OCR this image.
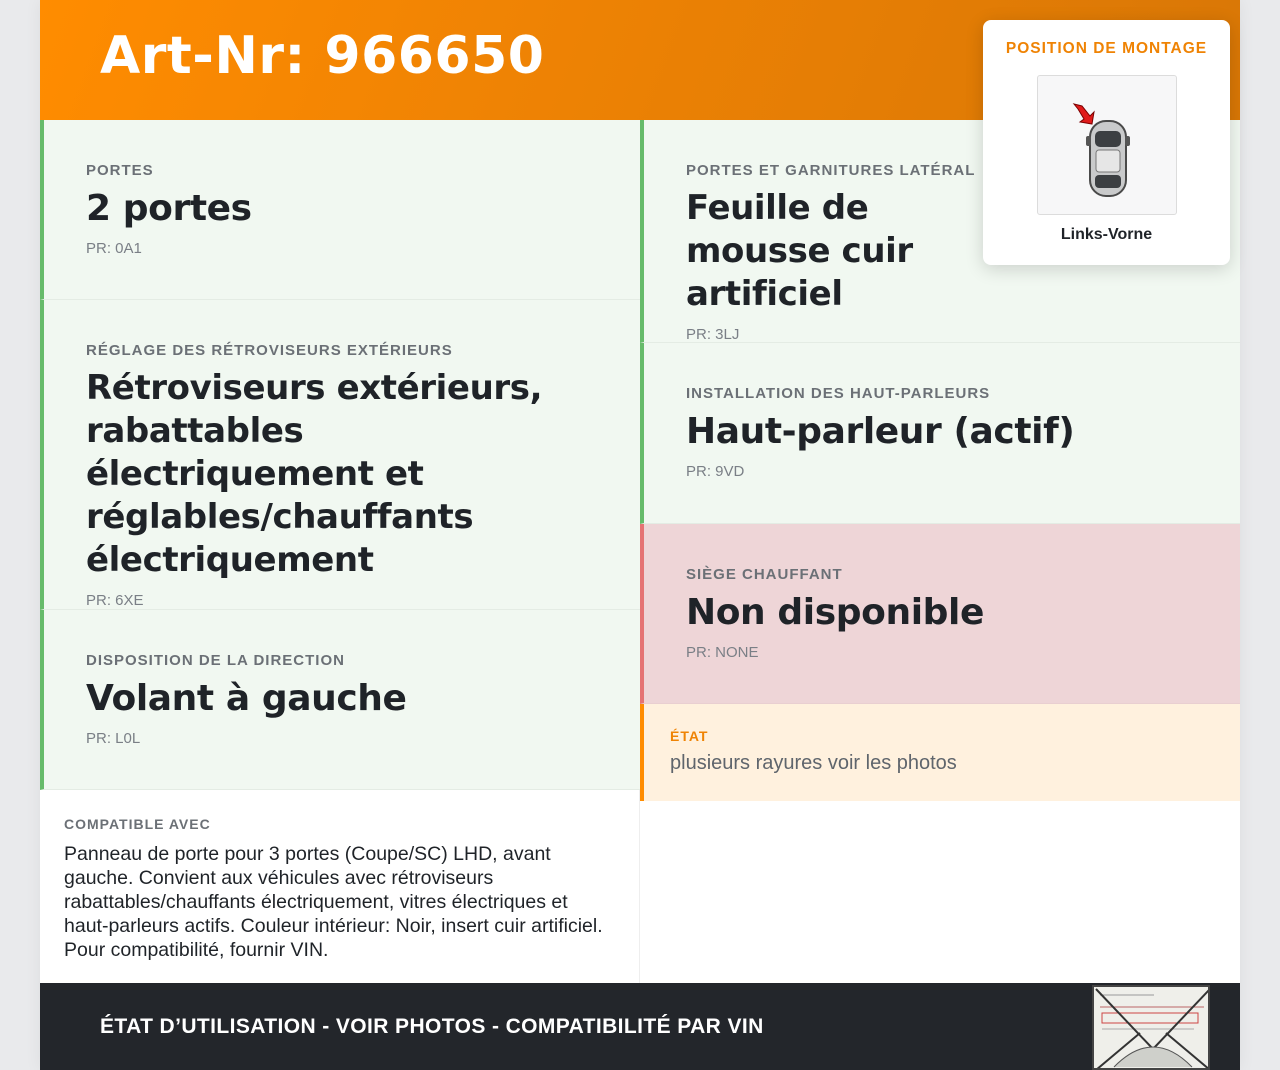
Art-Nr: 966650
PORTES
2 portes
PR: 0A1
RÉGLAGE DES RÉTROVISEURS EXTÉRIEURS
Rétroviseurs extérieurs, rabattables électriquement et réglables/chauffants électriquement
PR: 6XE
DISPOSITION DE LA DIRECTION
Volant à gauche
PR: L0L
PORTES ET GARNITURES LATÉRAL
Feuille de mousse cuir artificiel
PR: 3LJ
INSTALLATION DES HAUT-PARLEURS
Haut-parleur (actif)
PR: 9VD
SIÈGE CHAUFFANT
Non disponible
PR: NONE
ÉTAT
plusieurs rayures voir les photos
COMPATIBLE AVEC
Panneau de porte pour 3 portes (Coupe/SC) LHD, avant gauche. Convient aux véhicules avec rétroviseurs rabattables/chauffants électriquement, vitres électriques et haut-parleurs actifs. Couleur intérieur: Noir, insert cuir artificiel. Pour compatibilité, fournir VIN.
ÉTAT D’UTILISATION - VOIR PHOTOS - COMPATIBILITÉ PAR VIN
POSITION DE MONTAGE
Links-Vorne
